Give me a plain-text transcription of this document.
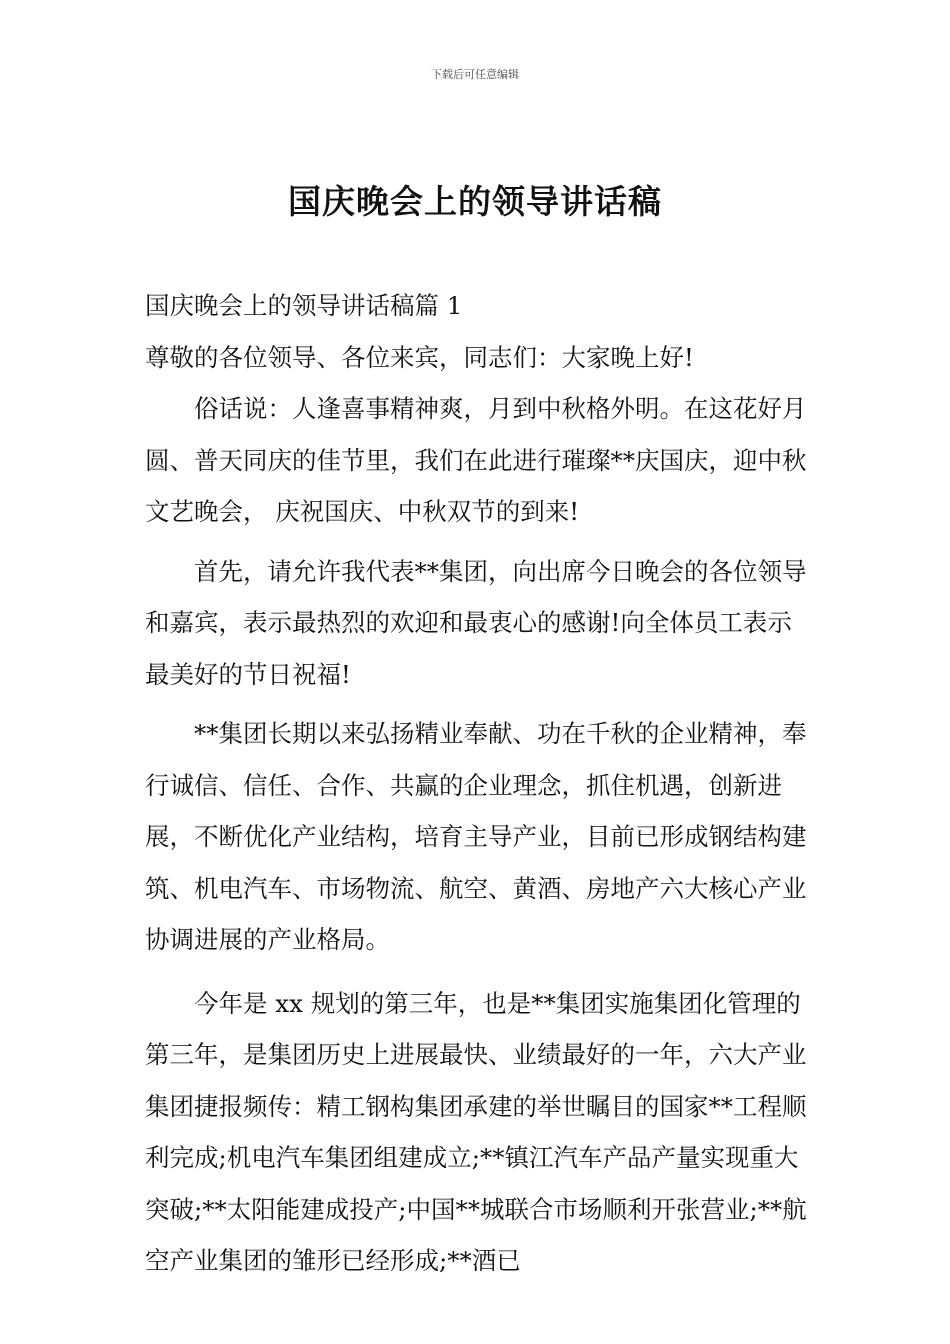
下载后可任意编辑
国庆晚会上的领导讲话稿

国庆晚会上的领导讲话稿篇 1

尊敬的各位领导、各位来宾，同志们：大家晚上好!

俗话说：人逢喜事精神爽，月到中秋格外明。在这花好月圆、普天同庆的佳节里，我们在此进行璀璨**庆国庆，迎中秋文艺晚会， 庆祝国庆、中秋双节的到来!

首先，请允许我代表**集团，向出席今日晚会的各位领导和嘉宾，表示最热烈的欢迎和最衷心的感谢!向全体员工表示最美好的节日祝福!

**集团长期以来弘扬精业奉献、功在千秋的企业精神，奉行诚信、信任、合作、共赢的企业理念，抓住机遇，创新进展，不断优化产业结构，培育主导产业，目前已形成钢结构建筑、机电汽车、市场物流、航空、黄酒、房地产六大核心产业协调进展的产业格局。

今年是 xx 规划的第三年，也是**集团实施集团化管理的第三年，是集团历史上进展最快、业绩最好的一年，六大产业集团捷报频传：精工钢构集团承建的举世瞩目的国家**工程顺利完成;机电汽车集团组建成立;**镇江汽车产品产量实现重大突破;**太阳能建成投产;中国**城联合市场顺利开张营业;**航空产业集团的雏形已经形成;**酒已
